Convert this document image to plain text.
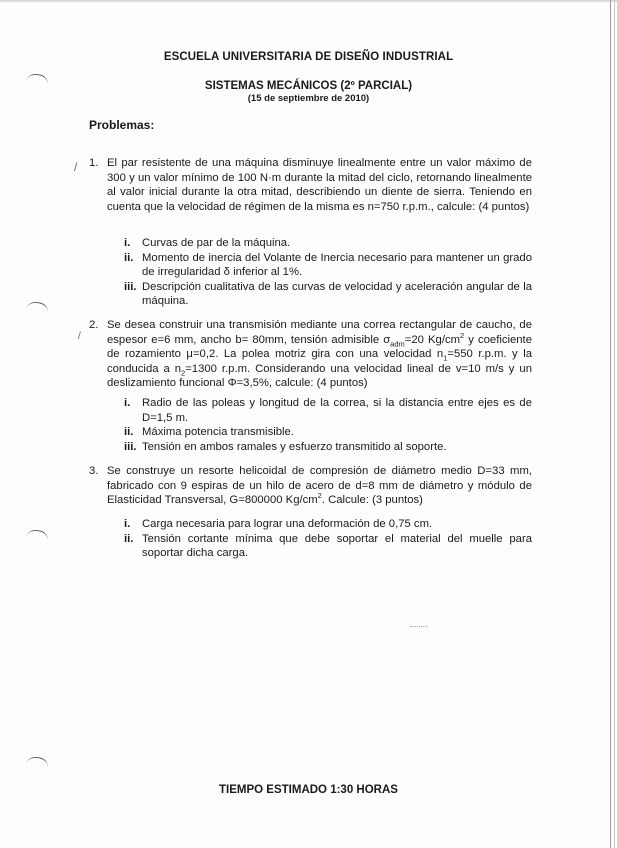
ESCUELA UNIVERSITARIA DE DISEÑO INDUSTRIAL
SISTEMAS MECÁNICOS (2º PARCIAL)
(15 de septiembre de 2010)
Problemas:
/ 1. El par resistente de una máquina disminuye linealmente entre un valor máximo de 300 y un valor mínimo de 100 N·m durante la mitad del ciclo, retornando linealmente al valor inicial durante la otra mitad, describiendo un diente de sierra. Teniendo en cuenta que la velocidad de régimen de la misma es n=750 r.p.m., calcule: (4 puntos)
i. Curvas de par de la máquina.
ii. Momento de inercia del Volante de Inercia necesario para mantener un grado de irregularidad δ inferior al 1%.
iii. Descripción cualitativa de las curvas de velocidad y aceleración angular de la máquina.
/
2. Se desea construir una transmisión mediante una correa rectangular de caucho, de espesor e=6 mm, ancho b= 80mm, tensión admisible $\sigma_{adm}=20$ $Kg/cm^2$ y coeficiente de rozamiento μ=0,2. La polea motriz gira con una velocidad $n_1=550$ r.p.m. y la conducida a $n_2=1300$ r.p.m. Considerando una velocidad lineal de v=10 m/s y un deslizamiento funcional Φ=3,5%, calcule: (4 puntos)
i. Radio de las poleas y longitud de la correa, si la distancia entre ejes es de D=1,5 m.
ii. Máxima potencia transmisible.
iii. Tensión en ambos ramales y esfuerzo transmitido al soporte.
3. Se construye un resorte helicoidal de compresión de diámetro medio D=33 mm, fabricado con 9 espiras de un hilo de acero de d=8 mm de diámetro y módulo de Elasticidad Transversal, G=800000 $Kg/cm^2$. Calcule: (3 puntos)
i. Carga necesaria para lograr una deformación de 0,75 cm.
ii. Tensión cortante mínima que debe soportar el material del muelle para soportar dicha carga.
TIEMPO ESTIMADO 1:30 HORAS
